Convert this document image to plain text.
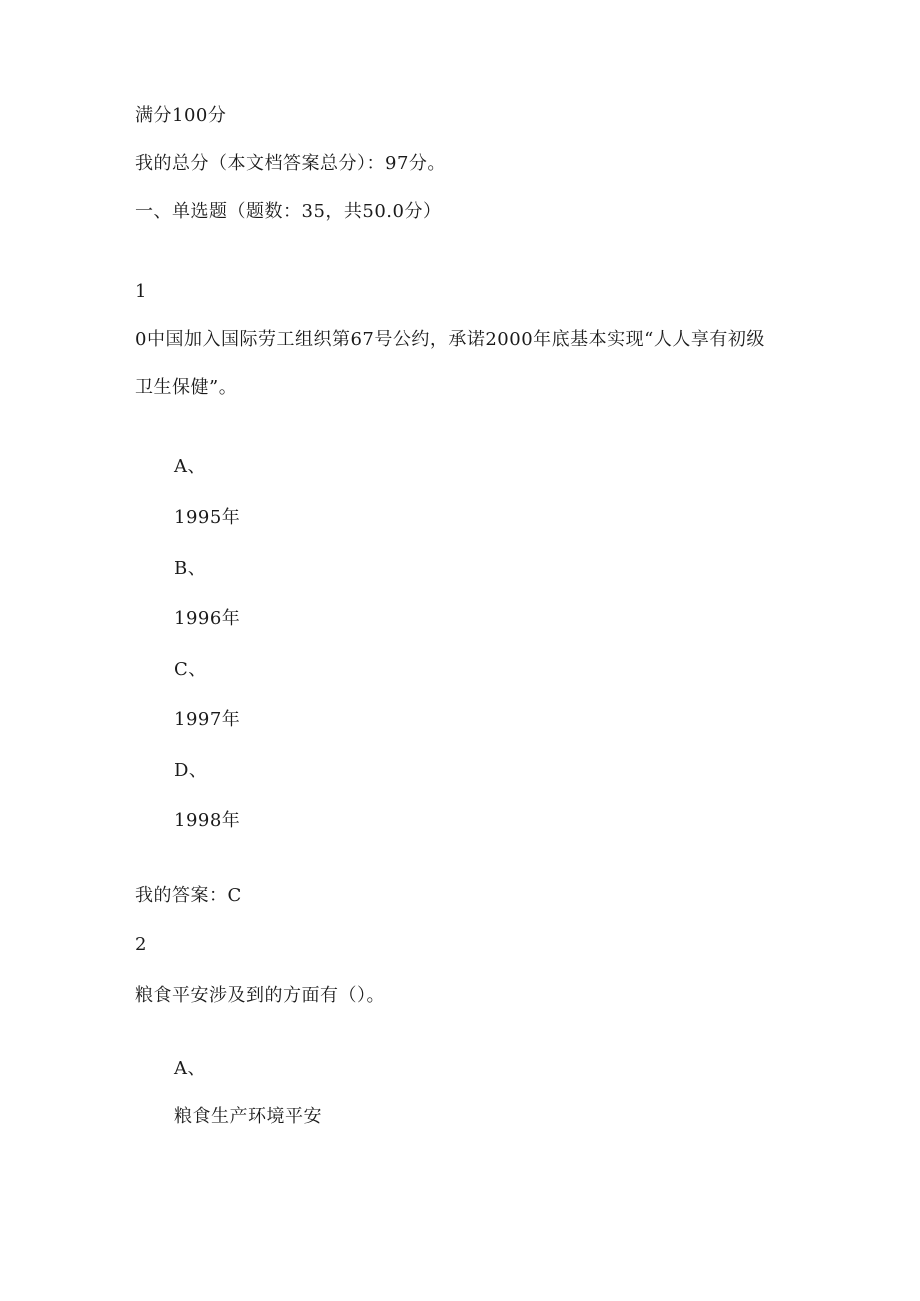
满分100分
我的总分（本文档答案总分）：97分。
一、单选题（题数：35，共50.0分）
1
0中国加入国际劳工组织第67号公约，承诺2000年底基本实现“人人享有初级
卫生保健”。
A、
1995年
B、
1996年
C、
1997年
D、
1998年
我的答案：C
2
粮食平安涉及到的方面有（）。
A、
粮食生产环境平安
